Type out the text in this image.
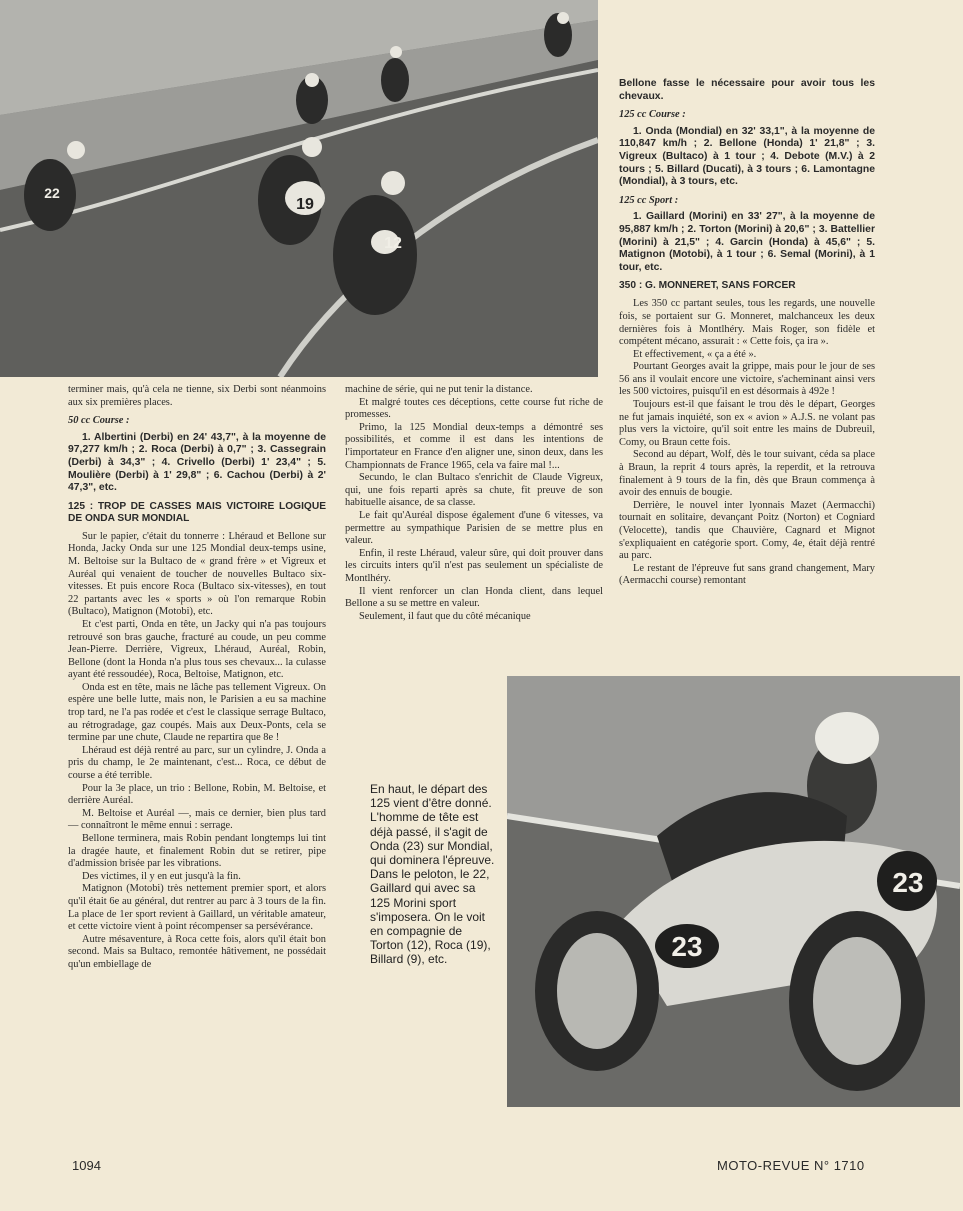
22
19
12

terminer mais, qu'à cela ne tienne, six Derbi sont néanmoins aux six premières places.

50 cc Course :

1. Albertini (Derbi) en 24' 43,7", à la moyenne de 97,277 km/h ; 2. Roca (Derbi) à 0,7" ; 3. Cassegrain (Derbi) à 34,3" ; 4. Crivello (Derbi) 1' 23,4" ; 5. Moulière (Derbi) à 1' 29,8" ; 6. Cachou (Derbi) à 2' 47,3", etc.

125 : TROP DE CASSES MAIS VICTOIRE LOGIQUE DE ONDA SUR MONDIAL

Sur le papier, c'était du tonnerre : Lhéraud et Bellone sur Honda, Jacky Onda sur une 125 Mondial deux-temps usine, M. Beltoise sur la Bultaco de « grand frère » et Vigreux et Auréal qui venaient de toucher de nouvelles Bultaco six-vitesses. Et puis encore Roca (Bultaco six-vitesses), en tout 22 partants avec les « sports » où l'on remarque Robin (Bultaco), Matignon (Motobi), etc.

Et c'est parti, Onda en tête, un Jacky qui n'a pas toujours retrouvé son bras gauche, fracturé au coude, un peu comme Jean-Pierre. Derrière, Vigreux, Lhéraud, Auréal, Robin, Bellone (dont la Honda n'a plus tous ses chevaux... la culasse ayant été ressoudée), Roca, Beltoise, Matignon, etc.

Onda est en tête, mais ne lâche pas tellement Vigreux. On espère une belle lutte, mais non, le Parisien a eu sa machine trop tard, ne l'a pas rodée et c'est le classique serrage Bultaco, au rétrogradage, gaz coupés. Mais aux Deux-Ponts, cela se termine par une chute, Claude ne repartira que 8e !

Lhéraud est déjà rentré au parc, sur un cylindre, J. Onda a pris du champ, le 2e maintenant, c'est... Roca, ce début de course a été terrible.

Pour la 3e place, un trio : Bellone, Robin, M. Beltoise, et derrière Auréal.

M. Beltoise et Auréal —, mais ce dernier, bien plus tard — connaîtront le même ennui : serrage.

Bellone terminera, mais Robin pendant longtemps lui tint la dragée haute, et finalement Robin dut se retirer, pipe d'admission brisée par les vibrations.

Des victimes, il y en eut jusqu'à la fin.

Matignon (Motobi) très nettement premier sport, et alors qu'il était 6e au général, dut rentrer au parc à 3 tours de la fin. La place de 1er sport revient à Gaillard, un véritable amateur, et cette victoire vient à point récompenser sa persévérance.

Autre mésaventure, à Roca cette fois, alors qu'il était bon second. Mais sa Bultaco, remontée hâtivement, ne possédait qu'un embiellage de

machine de série, qui ne put tenir la distance.

Et malgré toutes ces déceptions, cette course fut riche de promesses.

Primo, la 125 Mondial deux-temps a démontré ses possibilités, et comme il est dans les intentions de l'importateur en France d'en aligner une, sinon deux, dans les Championnats de France 1965, cela va faire mal !...

Secundo, le clan Bultaco s'enrichit de Claude Vigreux, qui, une fois reparti après sa chute, fit preuve de son habituelle aisance, de sa classe.

Le fait qu'Auréal dispose également d'une 6 vitesses, va permettre au sympathique Parisien de se mettre plus en valeur.

Enfin, il reste Lhéraud, valeur sûre, qui doit prouver dans les circuits inters qu'il n'est pas seulement un spécialiste de Montlhéry.

Il vient renforcer un clan Honda client, dans lequel Bellone a su se mettre en valeur.

Seulement, il faut que du côté mécanique

Bellone fasse le nécessaire pour avoir tous les chevaux.

125 cc Course :

1. Onda (Mondial) en 32' 33,1", à la moyenne de 110,847 km/h ; 2. Bellone (Honda) 1' 21,8" ; 3. Vigreux (Bultaco) à 1 tour ; 4. Debote (M.V.) à 2 tours ; 5. Billard (Ducati), à 3 tours ; 6. Lamontagne (Mondial), à 3 tours, etc.

125 cc Sport :

1. Gaillard (Morini) en 33' 27", à la moyenne de 95,887 km/h ; 2. Torton (Morini) à 20,6" ; 3. Battellier (Morini) à 21,5" ; 4. Garcin (Honda) à 45,6" ; 5. Matignon (Motobi), à 1 tour ; 6. Semal (Morini), à 1 tour, etc.

350 : G. MONNERET, SANS FORCER

Les 350 cc partant seules, tous les regards, une nouvelle fois, se portaient sur G. Monneret, malchanceux les deux dernières fois à Montlhéry. Mais Roger, son fidèle et compétent mécano, assurait : « Cette fois, ça ira ».

Et effectivement, « ça a été ».

Pourtant Georges avait la grippe, mais pour le jour de ses 56 ans il voulait encore une victoire, s'acheminant ainsi vers les 500 victoires, puisqu'il en est désormais à 492e !

Toujours est-il que faisant le trou dès le départ, Georges ne fut jamais inquiété, son ex « avion » A.J.S. ne volant pas plus vers la victoire, qu'il soit entre les mains de Dubreuil, Comy, ou Braun cette fois.

Second au départ, Wolf, dès le tour suivant, céda sa place à Braun, la reprit 4 tours après, la reperdit, et la retrouva finalement à 9 tours de la fin, dès que Braun commença à avoir des ennuis de bougie.

Derrière, le nouvel inter lyonnais Mazet (Aermacchi) tournait en solitaire, devançant Poitz (Norton) et Cogniard (Velocette), tandis que Chauvière, Cagnard et Mignot s'expliquaient en catégorie sport. Comy, 4e, était déjà rentré au parc.

Le restant de l'épreuve fut sans grand changement, Mary (Aermacchi course) remontant

En haut, le départ des 125 vient d'être donné. L'homme de tête est déjà passé, il s'agit de Onda (23) sur Mondial, qui dominera l'épreuve. Dans le peloton, le 22, Gaillard qui avec sa 125 Morini sport s'imposera. On le voit en compagnie de Torton (12), Roca (19), Billard (9), etc.	23
23
1094	MOTO-REVUE N° 1710
